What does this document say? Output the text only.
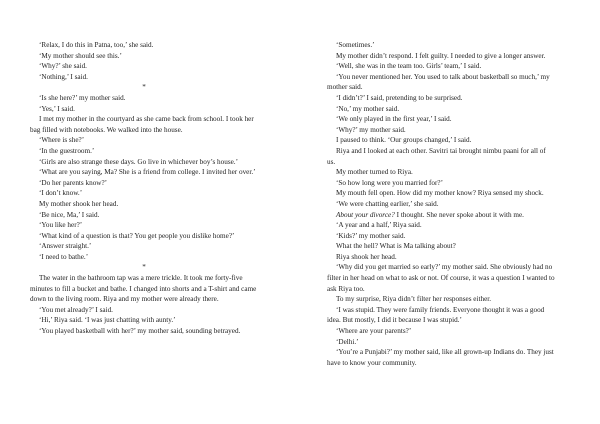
‘Relax, I do this in Patna, too,’ she said.

‘My mother should see this.’

‘Why?’ she said.

‘Nothing,’ I said.

*

‘Is she here?’ my mother said.

‘Yes,’ I said.

I met my mother in the courtyard as she came back from school. I took her bag filled with notebooks. We walked into the house.

‘Where is she?’

‘In the guestroom.’

‘Girls are also strange these days. Go live in whichever boy’s house.’

‘What are you saying, Ma? She is a friend from college. I invited her over.’

‘Do her parents know?’

‘I don’t know.’

My mother shook her head.

‘Be nice, Ma,’ I said.

‘You like her?’

‘What kind of a question is that? You get people you dislike home?’

‘Answer straight.’

‘I need to bathe.’

*

The water in the bathroom tap was a mere trickle. It took me forty-five minutes to fill a bucket and bathe. I changed into shorts and a T-shirt and came down to the living room. Riya and my mother were already there.

‘You met already?’ I said.

‘Hi,’ Riya said. ‘I was just chatting with aunty.’

‘You played basketball with her?’ my mother said, sounding betrayed.

‘Sometimes.’

My mother didn’t respond. I felt guilty. I needed to give a longer answer.

‘Well, she was in the team too. Girls’ team,’ I said.

‘You never mentioned her. You used to talk about basketball so much,’ my mother said.

‘I didn’t?’ I said, pretending to be surprised.

‘No,’ my mother said.

‘We only played in the first year,’ I said.

‘Why?’ my mother said.

I paused to think. ‘Our groups changed,’ I said.

Riya and I looked at each other. Savitri tai brought nimbu paani for all of us.

My mother turned to Riya.

‘So how long were you married for?’

My mouth fell open. How did my mother know? Riya sensed my shock.

‘We were chatting earlier,’ she said.

About your divorce? I thought. She never spoke about it with me.

‘A year and a half,’ Riya said.

‘Kids?’ my mother said.

What the hell? What is Ma talking about?

Riya shook her head.

‘Why did you get married so early?’ my mother said. She obviously had no filter in her head on what to ask or not. Of course, it was a question I wanted to ask Riya too.

To my surprise, Riya didn’t filter her responses either.

‘I was stupid. They were family friends. Everyone thought it was a good idea. But mostly, I did it because I was stupid.’

‘Where are your parents?’

‘Delhi.’

‘You’re a Punjabi?’ my mother said, like all grown-up Indians do. They just have to know your community.
